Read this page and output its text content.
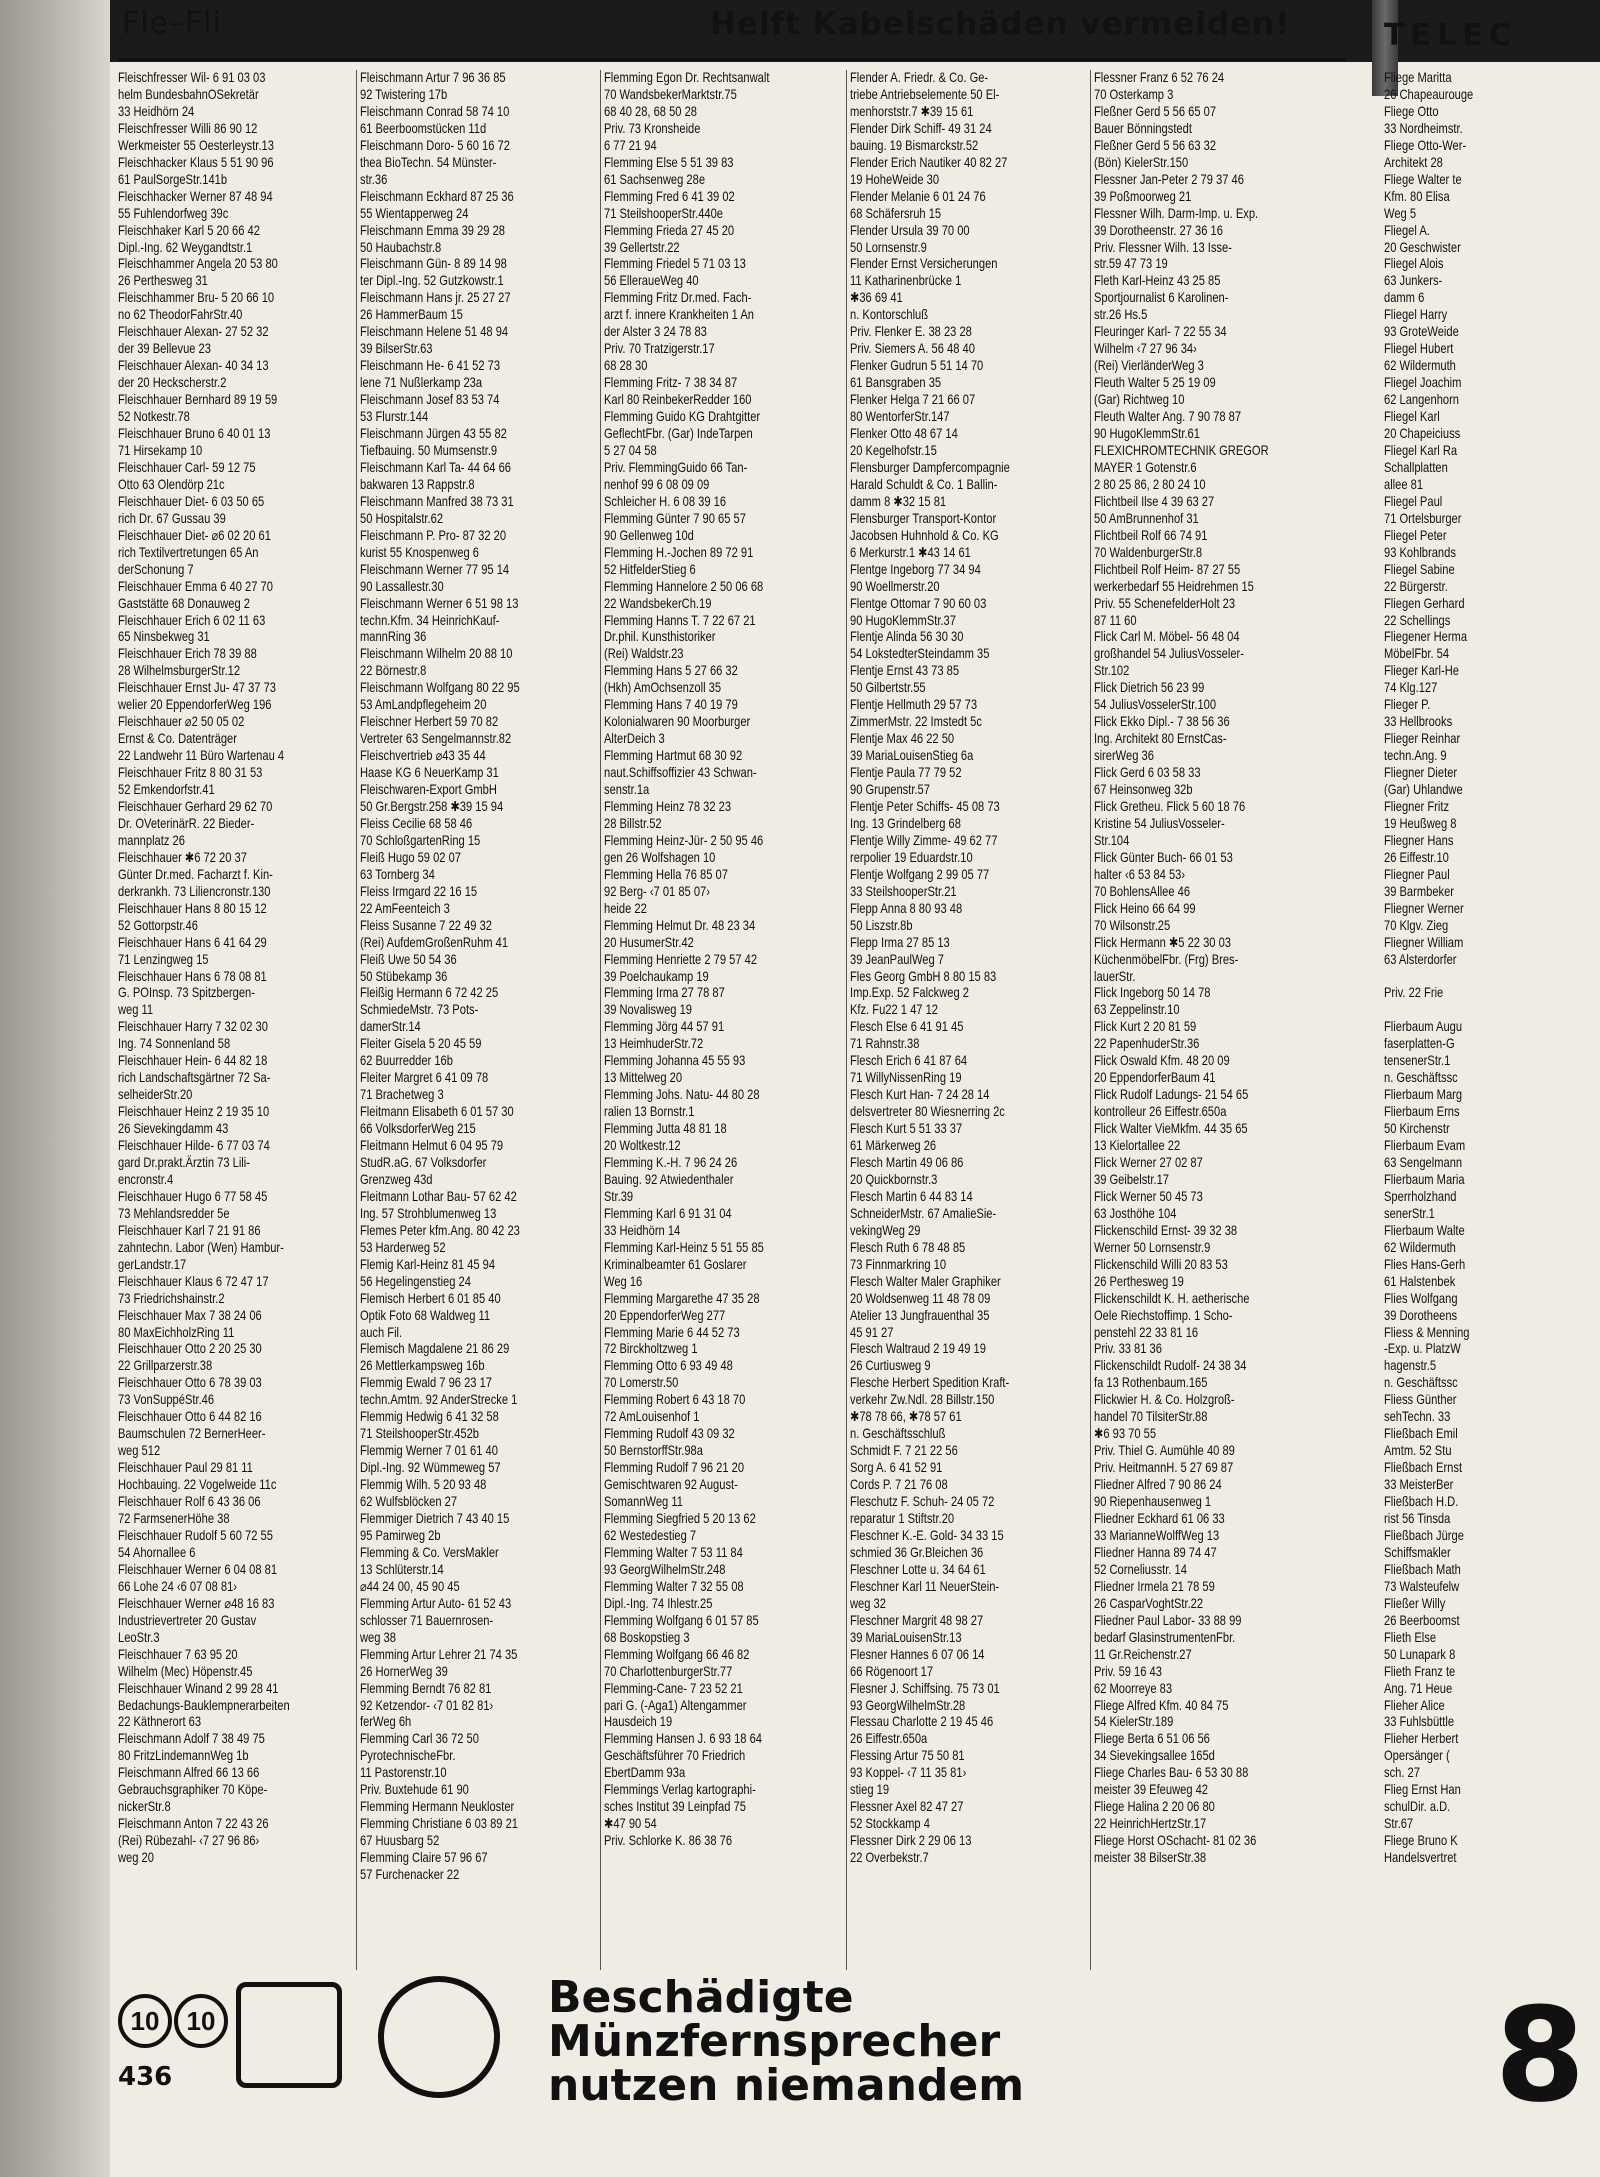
Fle–Fli	Helft Kabelschäden vermeiden!	TELEC
Fleischfresser Wil- 6 91 03 03
helm BundesbahnOSekretär
33 Heidhörn 24
Fleischfresser Willi 86 90 12
Werkmeister 55 Oesterleystr.13
Fleischhacker Klaus 5 51 90 96
61 PaulSorgeStr.141b
Fleischhacker Werner 87 48 94
55 Fuhlendorfweg 39c
Fleischhaker Karl 5 20 66 42
Dipl.-Ing. 62 Weygandtstr.1
Fleischhammer Angela 20 53 80
26 Perthesweg 31
Fleischhammer Bru- 5 20 66 10
no 62 TheodorFahrStr.40
Fleischhauer Alexan- 27 52 32
der 39 Bellevue 23
Fleischhauer Alexan- 40 34 13
der 20 Heckscherstr.2
Fleischhauer Bernhard 89 19 59
52 Notkestr.78
Fleischhauer Bruno 6 40 01 13
71 Hirsekamp 10
Fleischhauer Carl- 59 12 75
Otto 63 Olendörp 21c
Fleischhauer Diet- 6 03 50 65
rich Dr. 67 Gussau 39
Fleischhauer Diet- ⌀6 02 20 61
rich Textilvertretungen 65 An
derSchonung 7
Fleischhauer Emma 6 40 27 70
Gaststätte 68 Donauweg 2
Fleischhauer Erich 6 02 11 63
65 Ninsbekweg 31
Fleischhauer Erich 78 39 88
28 WilhelmsburgerStr.12
Fleischhauer Ernst Ju- 47 37 73
welier 20 EppendorferWeg 196
Fleischhauer ⌀2 50 05 02
Ernst & Co. Datenträger
22 Landwehr 11 Büro Wartenau 4
Fleischhauer Fritz 8 80 31 53
52 Emkendorfstr.41
Fleischhauer Gerhard 29 62 70
Dr. OVeterinärR. 22 Bieder-
mannplatz 26
Fleischhauer ✱6 72 20 37
Günter Dr.med. Facharzt f. Kin-
derkrankh. 73 Liliencronstr.130
Fleischhauer Hans 8 80 15 12
52 Gottorpstr.46
Fleischhauer Hans 6 41 64 29
71 Lenzingweg 15
Fleischhauer Hans 6 78 08 81
G. POInsp. 73 Spitzbergen-
weg 11
Fleischhauer Harry 7 32 02 30
Ing. 74 Sonnenland 58
Fleischhauer Hein- 6 44 82 18
rich Landschaftsgärtner 72 Sa-
selheiderStr.20
Fleischhauer Heinz 2 19 35 10
26 Sievekingdamm 43
Fleischhauer Hilde- 6 77 03 74
gard Dr.prakt.Ärztin 73 Lili-
encronstr.4
Fleischhauer Hugo 6 77 58 45
73 Mehlandsredder 5e
Fleischhauer Karl 7 21 91 86
zahntechn. Labor (Wen) Hambur-
gerLandstr.17
Fleischhauer Klaus 6 72 47 17
73 Friedrichshainstr.2
Fleischhauer Max 7 38 24 06
80 MaxEichholzRing 11
Fleischhauer Otto 2 20 25 30
22 Grillparzerstr.38
Fleischhauer Otto 6 78 39 03
73 VonSuppéStr.46
Fleischhauer Otto 6 44 82 16
Baumschulen 72 BernerHeer-
weg 512
Fleischhauer Paul 29 81 11
Hochbauing. 22 Vogelweide 11c
Fleischhauer Rolf 6 43 36 06
72 FarmsenerHöhe 38
Fleischhauer Rudolf 5 60 72 55
54 Ahornallee 6
Fleischhauer Werner 6 04 08 81
66 Lohe 24 ‹6 07 08 81›
Fleischhauer Werner ⌀48 16 83
Industrievertreter 20 Gustav
LeoStr.3
Fleischhauer 7 63 95 20
Wilhelm (Mec) Höpenstr.45
Fleischhauer Winand 2 99 28 41
Bedachungs-Bauklempnerarbeiten
22 Käthnerort 63
Fleischmann Adolf 7 38 49 75
80 FritzLindemannWeg 1b
Fleischmann Alfred 66 13 66
Gebrauchsgraphiker 70 Köpe-
nickerStr.8
Fleischmann Anton 7 22 43 26
(Rei) Rübezahl- ‹7 27 96 86›
weg 20
Fleischmann Artur 7 96 36 85
92 Twistering 17b
Fleischmann Conrad 58 74 10
61 Beerboomstücken 11d
Fleischmann Doro- 5 60 16 72
thea BioTechn. 54 Münster-
str.36
Fleischmann Eckhard 87 25 36
55 Wientapperweg 24
Fleischmann Emma 39 29 28
50 Haubachstr.8
Fleischmann Gün- 8 89 14 98
ter Dipl.-Ing. 52 Gutzkowstr.1
Fleischmann Hans jr. 25 27 27
26 HammerBaum 15
Fleischmann Helene 51 48 94
39 BilserStr.63
Fleischmann He- 6 41 52 73
lene 71 Nußlerkamp 23a
Fleischmann Josef 83 53 74
53 Flurstr.144
Fleischmann Jürgen 43 55 82
Tiefbauing. 50 Mumsenstr.9
Fleischmann Karl Ta- 44 64 66
bakwaren 13 Rappstr.8
Fleischmann Manfred 38 73 31
50 Hospitalstr.62
Fleischmann P. Pro- 87 32 20
kurist 55 Knospenweg 6
Fleischmann Werner 77 95 14
90 Lassallestr.30
Fleischmann Werner 6 51 98 13
techn.Kfm. 34 HeinrichKauf-
mannRing 36
Fleischmann Wilhelm 20 88 10
22 Börnestr.8
Fleischmann Wolfgang 80 22 95
53 AmLandpflegeheim 20
Fleischner Herbert 59 70 82
Vertreter 63 Sengelmannstr.82
Fleischvertrieb ⌀43 35 44
Haase KG 6 NeuerKamp 31
Fleischwaren-Export GmbH
50 Gr.Bergstr.258 ✱39 15 94
Fleiss Cecilie 68 58 46
70 SchloßgartenRing 15
Fleiß Hugo 59 02 07
63 Tornberg 34
Fleiss Irmgard 22 16 15
22 AmFeenteich 3
Fleiss Susanne 7 22 49 32
(Rei) AufdemGroßenRuhm 41
Fleiß Uwe 50 54 36
50 Stübekamp 36
Fleißig Hermann 6 72 42 25
SchmiedeMstr. 73 Pots-
damerStr.14
Fleiter Gisela 5 20 45 59
62 Buurredder 16b
Fleiter Margret 6 41 09 78
71 Brachetweg 3
Fleitmann Elisabeth 6 01 57 30
66 VolksdorferWeg 215
Fleitmann Helmut 6 04 95 79
StudR.aG. 67 Volksdorfer
Grenzweg 43d
Fleitmann Lothar Bau- 57 62 42
Ing. 57 Strohblumenweg 13
Flemes Peter kfm.Ang. 80 42 23
53 Harderweg 52
Flemig Karl-Heinz 81 45 94
56 Hegelingenstieg 24
Flemisch Herbert 6 01 85 40
Optik Foto 68 Waldweg 11
auch Fil.
Flemisch Magdalene 21 86 29
26 Mettlerkampsweg 16b
Flemmig Ewald 7 96 23 17
techn.Amtm. 92 AnderStrecke 1
Flemmig Hedwig 6 41 32 58
71 SteilshooperStr.452b
Flemmig Werner 7 01 61 40
Dipl.-Ing. 92 Wümmeweg 57
Flemmig Wilh. 5 20 93 48
62 Wulfsblöcken 27
Flemmiger Dietrich 7 43 40 15
95 Pamirweg 2b
Flemming & Co. VersMakler
13 Schlüterstr.14
⌀44 24 00, 45 90 45
Flemming Artur Auto- 61 52 43
schlosser 71 Bauernrosen-
weg 38
Flemming Artur Lehrer 21 74 35
26 HornerWeg 39
Flemming Berndt 76 82 81
92 Ketzendor- ‹7 01 82 81›
ferWeg 6h
Flemming Carl 36 72 50
PyrotechnischeFbr.
11 Pastorenstr.10
Priv. Buxtehude 61 90
Flemming Hermann Neukloster
Flemming Christiane 6 03 89 21
67 Huusbarg 52
Flemming Claire 57 96 67
57 Furchenacker 22
Flemming Egon Dr. Rechtsanwalt
70 WandsbekerMarktstr.75
68 40 28, 68 50 28
Priv. 73 Kronsheide
6 77 21 94
Flemming Else 5 51 39 83
61 Sachsenweg 28e
Flemming Fred 6 41 39 02
71 SteilshooperStr.440e
Flemming Frieda 27 45 20
39 Gellertstr.22
Flemming Friedel 5 71 03 13
56 ElleraueWeg 40
Flemming Fritz Dr.med. Fach-
arzt f. innere Krankheiten 1 An
der Alster 3 24 78 83
Priv. 70 Tratzigerstr.17
68 28 30
Flemming Fritz- 7 38 34 87
Karl 80 ReinbekerRedder 160
Flemming Guido KG Drahtgitter
GeflechtFbr. (Gar) IndeTarpen
5 27 04 58
Priv. FlemmingGuido 66 Tan-
nenhof 99 6 08 09 09
Schleicher H. 6 08 39 16
Flemming Günter 7 90 65 57
90 Gellenweg 10d
Flemming H.-Jochen 89 72 91
52 HitfelderStieg 6
Flemming Hannelore 2 50 06 68
22 WandsbekerCh.19
Flemming Hanns T. 7 22 67 21
Dr.phil. Kunsthistoriker
(Rei) Waldstr.23
Flemming Hans 5 27 66 32
(Hkh) AmOchsenzoll 35
Flemming Hans 7 40 19 79
Kolonialwaren 90 Moorburger
AlterDeich 3
Flemming Hartmut 68 30 92
naut.Schiffsoffizier 43 Schwan-
senstr.1a
Flemming Heinz 78 32 23
28 Billstr.52
Flemming Heinz-Jür- 2 50 95 46
gen 26 Wolfshagen 10
Flemming Hella 76 85 07
92 Berg- ‹7 01 85 07›
heide 22
Flemming Helmut Dr. 48 23 34
20 HusumerStr.42
Flemming Henriette 2 79 57 42
39 Poelchaukamp 19
Flemming Irma 27 78 87
39 Novalisweg 19
Flemming Jörg 44 57 91
13 HeimhuderStr.72
Flemming Johanna 45 55 93
13 Mittelweg 20
Flemming Johs. Natu- 44 80 28
ralien 13 Bornstr.1
Flemming Jutta 48 81 18
20 Woltkestr.12
Flemming K.-H. 7 96 24 26
Bauing. 92 Atwiedenthaler
Str.39
Flemming Karl 6 91 31 04
33 Heidhörn 14
Flemming Karl-Heinz 5 51 55 85
Kriminalbeamter 61 Goslarer
Weg 16
Flemming Margarethe 47 35 28
20 EppendorferWeg 277
Flemming Marie 6 44 52 73
72 Birckholtzweg 1
Flemming Otto 6 93 49 48
70 Lomerstr.50
Flemming Robert 6 43 18 70
72 AmLouisenhof 1
Flemming Rudolf 43 09 32
50 BernstorffStr.98a
Flemming Rudolf 7 96 21 20
Gemischtwaren 92 August-
SomannWeg 11
Flemming Siegfried 5 20 13 62
62 Westedestieg 7
Flemming Walter 7 53 11 84
93 GeorgWilhelmStr.248
Flemming Walter 7 32 55 08
Dipl.-Ing. 74 Ihlestr.25
Flemming Wolfgang 6 01 57 85
68 Boskopstieg 3
Flemming Wolfgang 66 46 82
70 CharlottenburgerStr.77
Flemming-Cane- 7 23 52 21
pari G. (-Aga1) Altengammer
Hausdeich 19
Flemming Hansen J. 6 93 18 64
Geschäftsführer 70 Friedrich
EbertDamm 93a
Flemmings Verlag kartographi-
sches Institut 39 Leinpfad 75
✱47 90 54
Priv. Schlorke K. 86 38 76
Flender A. Friedr. & Co. Ge-
triebe Antriebselemente 50 El-
menhorststr.7 ✱39 15 61
Flender Dirk Schiff- 49 31 24
bauing. 19 Bismarckstr.52
Flender Erich Nautiker 40 82 27
19 HoheWeide 30
Flender Melanie 6 01 24 76
68 Schäfersruh 15
Flender Ursula 39 70 00
50 Lornsenstr.9
Flender Ernst Versicherungen
11 Katharinenbrücke 1
✱36 69 41
n. Kontorschluß
Priv. Flenker E. 38 23 28
Priv. Siemers A. 56 48 40
Flenker Gudrun 5 51 14 70
61 Bansgraben 35
Flenker Helga 7 21 66 07
80 WentorferStr.147
Flenker Otto 48 67 14
20 Kegelhofstr.15
Flensburger Dampfercompagnie
Harald Schuldt & Co. 1 Ballin-
damm 8 ✱32 15 81
Flensburger Transport-Kontor
Jacobsen Huhnhold & Co. KG
6 Merkurstr.1 ✱43 14 61
Flentge Ingeborg 77 34 94
90 Woellmerstr.20
Flentge Ottomar 7 90 60 03
90 HugoKlemmStr.37
Flentje Alinda 56 30 30
54 LokstedterSteindamm 35
Flentje Ernst 43 73 85
50 Gilbertstr.55
Flentje Hellmuth 29 57 73
ZimmerMstr. 22 Imstedt 5c
Flentje Max 46 22 50
39 MariaLouisenStieg 6a
Flentje Paula 77 79 52
90 Grupenstr.57
Flentje Peter Schiffs- 45 08 73
Ing. 13 Grindelberg 68
Flentje Willy Zimme- 49 62 77
rerpolier 19 Eduardstr.10
Flentje Wolfgang 2 99 05 77
33 SteilshooperStr.21
Flepp Anna 8 80 93 48
50 Liszstr.8b
Flepp Irma 27 85 13
39 JeanPaulWeg 7
Fles Georg GmbH 8 80 15 83
Imp.Exp. 52 Falckweg 2
Kfz. Fu22 1 47 12
Flesch Else 6 41 91 45
71 Rahnstr.38
Flesch Erich 6 41 87 64
71 WillyNissenRing 19
Flesch Kurt Han- 7 24 28 14
delsvertreter 80 Wiesnerring 2c
Flesch Kurt 5 51 33 37
61 Märkerweg 26
Flesch Martin 49 06 86
20 Quickbornstr.3
Flesch Martin 6 44 83 14
SchneiderMstr. 67 AmalieSie-
vekingWeg 29
Flesch Ruth 6 78 48 85
73 Finnmarkring 10
Flesch Walter Maler Graphiker
20 Woldsenweg 11 48 78 09
Atelier 13 Jungfrauenthal 35
45 91 27
Flesch Waltraud 2 19 49 19
26 Curtiusweg 9
Flesche Herbert Spedition Kraft-
verkehr Zw.Ndl. 28 Billstr.150
✱78 78 66, ✱78 57 61
n. Geschäftsschluß
Schmidt F. 7 21 22 56
Sorg A. 6 41 52 91
Cords P. 7 21 76 08
Fleschutz F. Schuh- 24 05 72
reparatur 1 Stiftstr.20
Fleschner K.-E. Gold- 34 33 15
schmied 36 Gr.Bleichen 36
Fleschner Lotte u. 34 64 61
Fleschner Karl 11 NeuerStein-
weg 32
Fleschner Margrit 48 98 27
39 MariaLouisenStr.13
Flesner Hannes 6 07 06 14
66 Rögenoort 17
Flesner J. Schiffsing. 75 73 01
93 GeorgWilhelmStr.28
Flessau Charlotte 2 19 45 46
26 Eiffestr.650a
Flessing Artur 75 50 81
93 Koppel- ‹7 11 35 81›
stieg 19
Flessner Axel 82 47 27
52 Stockkamp 4
Flessner Dirk 2 29 06 13
22 Overbekstr.7
Flessner Franz 6 52 76 24
70 Osterkamp 3
Fleßner Gerd 5 56 65 07
Bauer Bönningstedt
Fleßner Gerd 5 56 63 32
(Bön) KielerStr.150
Flessner Jan-Peter 2 79 37 46
39 Poßmoorweg 21
Flessner Wilh. Darm-Imp. u. Exp.
39 Dorotheenstr. 27 36 16
Priv. Flessner Wilh. 13 Isse-
str.59 47 73 19
Fleth Karl-Heinz 43 25 85
Sportjournalist 6 Karolinen-
str.26 Hs.5
Fleuringer Karl- 7 22 55 34
Wilhelm ‹7 27 96 34›
(Rei) VierländerWeg 3
Fleuth Walter 5 25 19 09
(Gar) Richtweg 10
Fleuth Walter Ang. 7 90 78 87
90 HugoKlemmStr.61
FLEXICHROMTECHNIK GREGOR
MAYER 1 Gotenstr.6
2 80 25 86, 2 80 24 10
Flichtbeil Ilse 4 39 63 27
50 AmBrunnenhof 31
Flichtbeil Rolf 66 74 91
70 WaldenburgerStr.8
Flichtbeil Rolf Heim- 87 27 55
werkerbedarf 55 Heidrehmen 15
Priv. 55 SchenefelderHolt 23
87 11 60
Flick Carl M. Möbel- 56 48 04
großhandel 54 JuliusVosseler-
Str.102
Flick Dietrich 56 23 99
54 JuliusVosselerStr.100
Flick Ekko Dipl.- 7 38 56 36
Ing. Architekt 80 ErnstCas-
sirerWeg 36
Flick Gerd 6 03 58 33
67 Heinsonweg 32b
Flick Gretheu. Flick 5 60 18 76
Kristine 54 JuliusVosseler-
Str.104
Flick Günter Buch- 66 01 53
halter ‹6 53 84 53›
70 BohlensAllee 46
Flick Heino 66 64 99
70 Wilsonstr.25
Flick Hermann ✱5 22 30 03
KüchenmöbelFbr. (Frg) Bres-
lauerStr.
Flick Ingeborg 50 14 78
63 Zeppelinstr.10
Flick Kurt 2 20 81 59
22 PapenhuderStr.36
Flick Oswald Kfm. 48 20 09
20 EppendorferBaum 41
Flick Rudolf Ladungs- 21 54 65
kontrolleur 26 Eiffestr.650a
Flick Walter VieMkfm. 44 35 65
13 Kielortallee 22
Flick Werner 27 02 87
39 Geibelstr.17
Flick Werner 50 45 73
63 Josthöhe 104
Flickenschild Ernst- 39 32 38
Werner 50 Lornsenstr.9
Flickenschild Willi 20 83 53
26 Perthesweg 19
Flickenschildt K. H. aetherische
Oele Riechstoffimp. 1 Scho-
penstehl 22 33 81 16
Priv. 33 81 36
Flickenschildt Rudolf- 24 38 34
fa 13 Rothenbaum.165
Flickwier H. & Co. Holzgroß-
handel 70 TilsiterStr.88
✱6 93 70 55
Priv. Thiel G. Aumühle 40 89
Priv. HeitmannH. 5 27 69 87
Fliedner Alfred 7 90 86 24
90 Riepenhausenweg 1
Fliedner Eckhard 61 06 33
33 MarianneWolffWeg 13
Fliedner Hanna 89 74 47
52 Corneliusstr. 14
Fliedner Irmela 21 78 59
26 CasparVoghtStr.22
Fliedner Paul Labor- 33 88 99
bedarf GlasinstrumentenFbr.
11 Gr.Reichenstr.27
Priv. 59 16 43
62 Moorreye 83
Fliege Alfred Kfm. 40 84 75
54 KielerStr.189
Fliege Berta 6 51 06 56
34 Sievekingsallee 165d
Fliege Charles Bau- 6 53 30 88
meister 39 Efeuweg 42
Fliege Halina 2 20 06 80
22 HeinrichHertzStr.17
Fliege Horst OSchacht- 81 02 36
meister 38 BilserStr.38
Fliege Maritta
26 Chapeaurouge
Fliege Otto
33 Nordheimstr.
Fliege Otto-Wer-
Architekt 28
Fliege Walter te
Kfm. 80 Elisa
Weg 5
Fliegel A.
20 Geschwister
Fliegel Alois
63 Junkers-
damm 6
Fliegel Harry
93 GroteWeide
Fliegel Hubert
62 Wildermuth
Fliegel Joachim
62 Langenhorn
Fliegel Karl
20 Chapeiciuss
Fliegel Karl Ra
Schallplatten
allee 81
Fliegel Paul
71 Ortelsburger
Fliegel Peter
93 Kohlbrands
Fliegel Sabine
22 Bürgerstr.
Fliegen Gerhard
22 Schellings
Fliegener Herma
MöbelFbr. 54
Flieger Karl-He
74 Klg.127
Flieger P.
33 Hellbrooks
Flieger Reinhar
techn.Ang. 9
Fliegner Dieter
(Gar) Uhlandwe
Fliegner Fritz
19 Heußweg 8
Fliegner Hans
26 Eiffestr.10
Fliegner Paul
39 Barmbeker
Fliegner Werner
70 Klgv. Zieg
Fliegner William
63 Alsterdorfer

Priv. 22 Frie

Flierbaum Augu
faserplatten-G
tensenerStr.1
n. Geschäftssc
Flierbaum Marg
Flierbaum Erns
50 Kirchenstr
Flierbaum Evam
63 Sengelmann
Flierbaum Maria
Sperrholzhand
senerStr.1
Flierbaum Walte
62 Wildermuth
Flies Hans-Gerh
61 Halstenbek
Flies Wolfgang
39 Dorotheens
Fliess & Menning
-Exp. u. PlatzW
hagenstr.5
n. Geschäftssc
Fliess Günther
sehTechn. 33
Fließbach Emil
Amtm. 52 Stu
Fließbach Ernst
33 MeisterBer
Fließbach H.D.
rist 56 Tinsda
Fließbach Jürge
Schiffsmakler
Fließbach Math
73 Walsteufelw
Fließer Willy
26 Beerboomst
Flieth Else
50 Lunapark 8
Flieth Franz te
Ang. 71 Heue
Flieher Alice
33 Fuhlsbüttle
Flieher Herbert
Opersänger (
sch. 27
Flieg Ernst Han
schulDir. a.D.
Str.67
Fliege Bruno K
Handelsvertret
10	10	Beschädigte
Münzfernsprecher
nutzen niemandem
436	8
